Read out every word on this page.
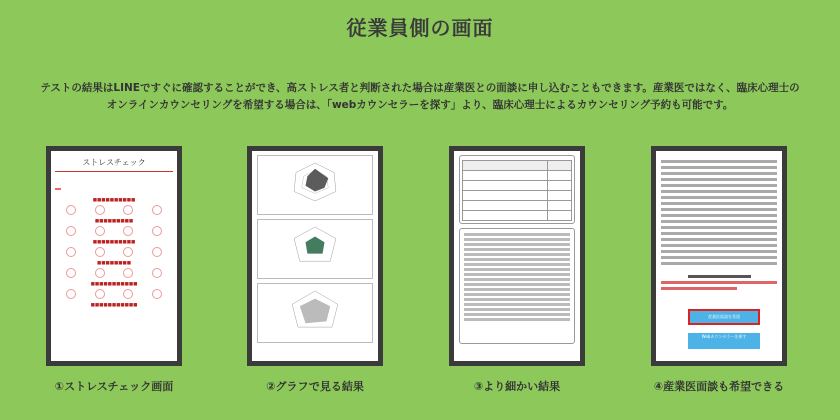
従業員側の画面
テストの結果はLINEですぐに確認することができ、高ストレス者と判断された場合は産業医との面談に申し込むこともできます。産業医ではなく、臨床心理士の
オンラインカウンセリングを希望する場合は、「webカウンセラーを探す」より、臨床心理士によるカウンセリング予約も可能です。
ストレスチェック
■■■■■■■■■■
■■■■■■■■■
■■■■■■■■■■
■■■■■■■■
■■■■■■■■■■■
■■■■■■■■■■■
①ストレスチェック画面	②グラフで見る結果

		③より細かい結果
産業医面談を希望
Webカウンセラーを探す
④産業医面談も希望できる
